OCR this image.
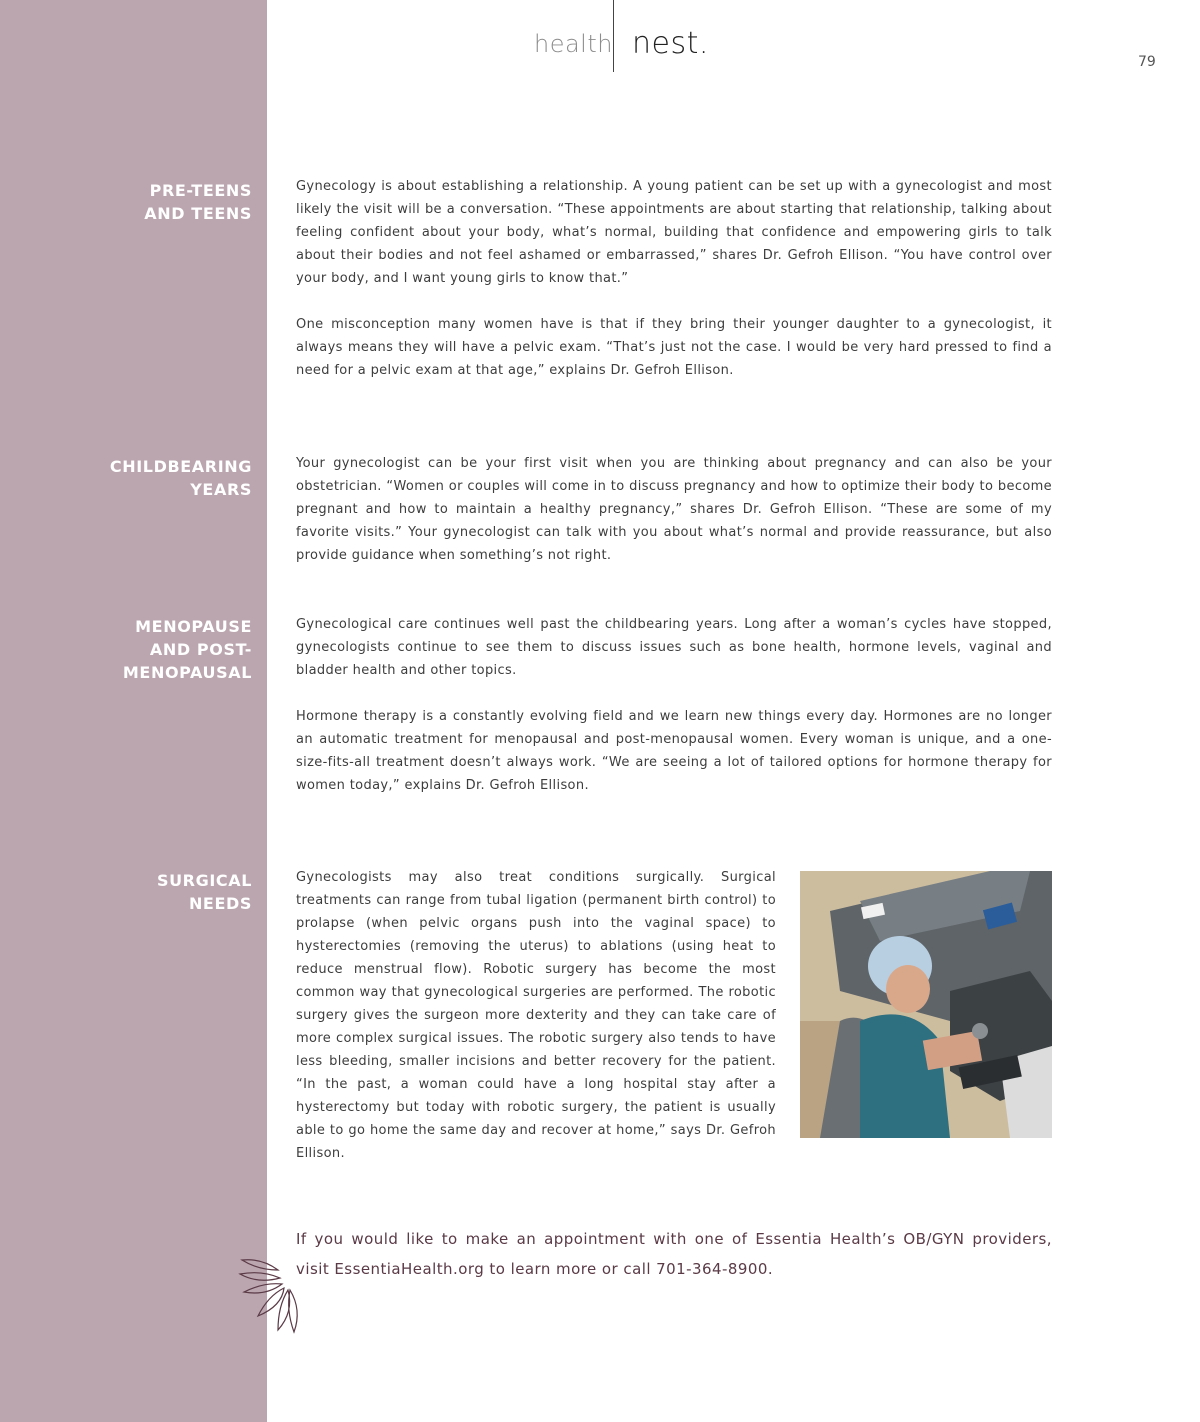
health nest.
79
PRE-TEENS
AND TEENS

Gynecology is about establishing a relationship. A young patient can be set up with a gynecologist and most likely the visit will be a conversation. “These appointments are about starting that relationship, talking about feeling confident about your body, what’s normal, building that confidence and empowering girls to talk about their bodies and not feel ashamed or embarrassed,” shares Dr. Gefroh Ellison. “You have control over your body, and I want young girls to know that.”

One misconception many women have is that if they bring their younger daughter to a gynecologist, it always means they will have a pelvic exam. “That’s just not the case. I would be very hard pressed to find a need for a pelvic exam at that age,” explains Dr. Gefroh Ellison.

CHILDBEARING
YEARS

Your gynecologist can be your first visit when you are thinking about pregnancy and can also be your obstetrician. “Women or couples will come in to discuss pregnancy and how to optimize their body to become pregnant and how to maintain a healthy pregnancy,” shares Dr. Gefroh Ellison. “These are some of my favorite visits.” Your gynecologist can talk with you about what’s normal and provide reassurance, but also provide guidance when something’s not right.

MENOPAUSE
AND POST-
MENOPAUSAL

Gynecological care continues well past the childbearing years. Long after a woman’s cycles have stopped, gynecologists continue to see them to discuss issues such as bone health, hormone levels, vaginal and bladder health and other topics.

Hormone therapy is a constantly evolving field and we learn new things every day. Hormones are no longer an automatic treatment for menopausal and post-menopausal women. Every woman is unique, and a one-size-fits-all treatment doesn’t always work. “We are seeing a lot of tailored options for hormone therapy for women today,” explains Dr. Gefroh Ellison.

SURGICAL
NEEDS

Gynecologists may also treat conditions surgically. Surgical treatments can range from tubal ligation (permanent birth control) to prolapse (when pelvic organs push into the vaginal space) to hysterectomies (removing the uterus) to ablations (using heat to reduce menstrual flow). Robotic surgery has become the most common way that gynecological surgeries are performed. The robotic surgery gives the surgeon more dexterity and they can take care of more complex surgical issues. The robotic surgery also tends to have less bleeding, smaller incisions and better recovery for the patient. “In the past, a woman could have a long hospital stay after a hysterectomy but today with robotic surgery, the patient is usually able to go home the same day and recover at home,” says Dr. Gefroh Ellison.

If you would like to make an appointment with one of Essentia Health’s OB/GYN providers, visit EssentiaHealth.org to learn more or call 701-364-8900.
